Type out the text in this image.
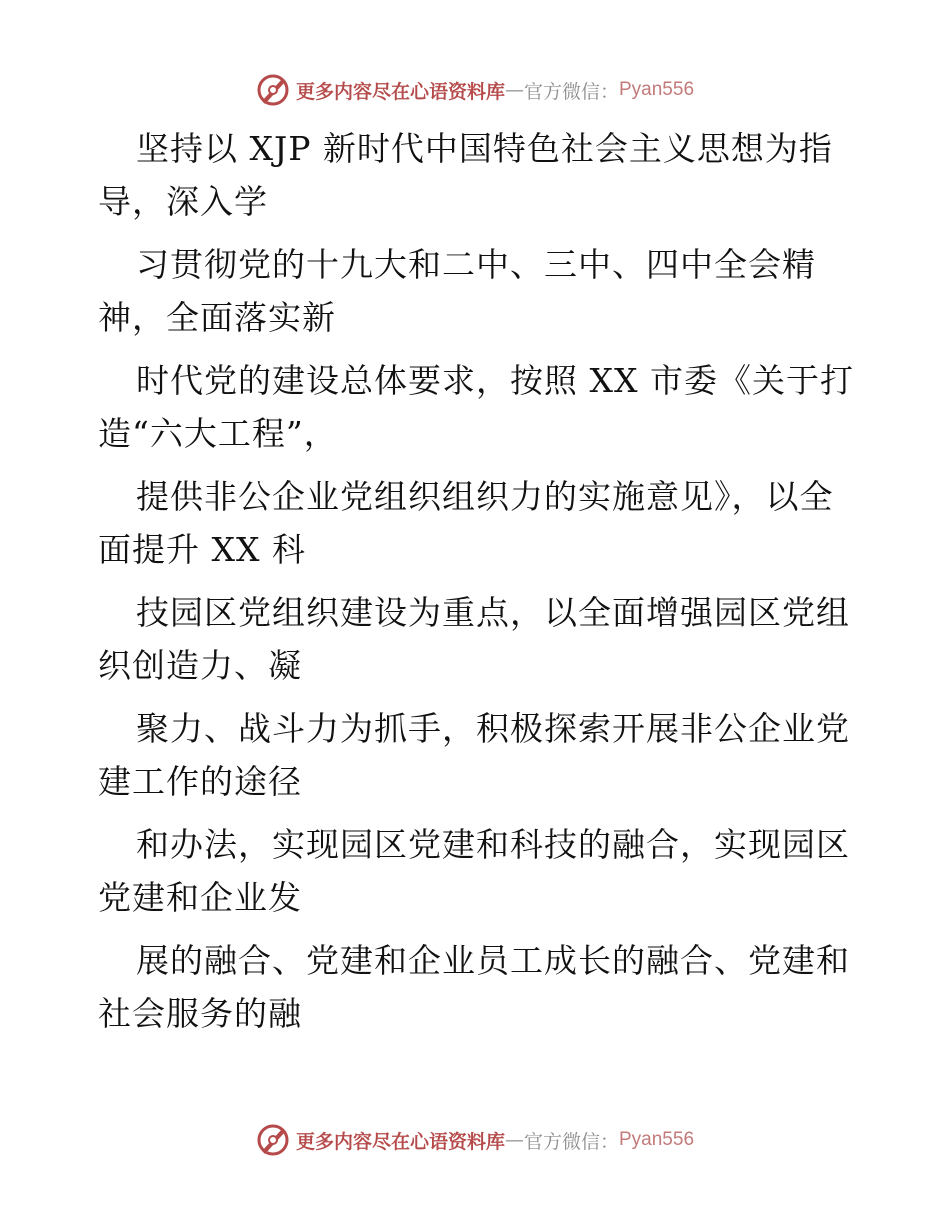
更多内容尽在心语资料库 — 官方微信： Pyan556
坚持以 XJP 新时代中国特色社会主义思想为指
导，深入学
习贯彻党的十九大和二中、三中、四中全会精
神，全面落实新
时代党的建设总体要求，按照 XX 市委《关于打
造“六大工程”，
提供非公企业党组织组织力的实施意见》，以全
面提升 XX 科
技园区党组织建设为重点，以全面增强园区党组
织创造力、凝
聚力、战斗力为抓手，积极探索开展非公企业党
建工作的途径
和办法，实现园区党建和科技的融合，实现园区
党建和企业发
展的融合、党建和企业员工成长的融合、党建和
社会服务的融
更多内容尽在心语资料库 — 官方微信： Pyan556
